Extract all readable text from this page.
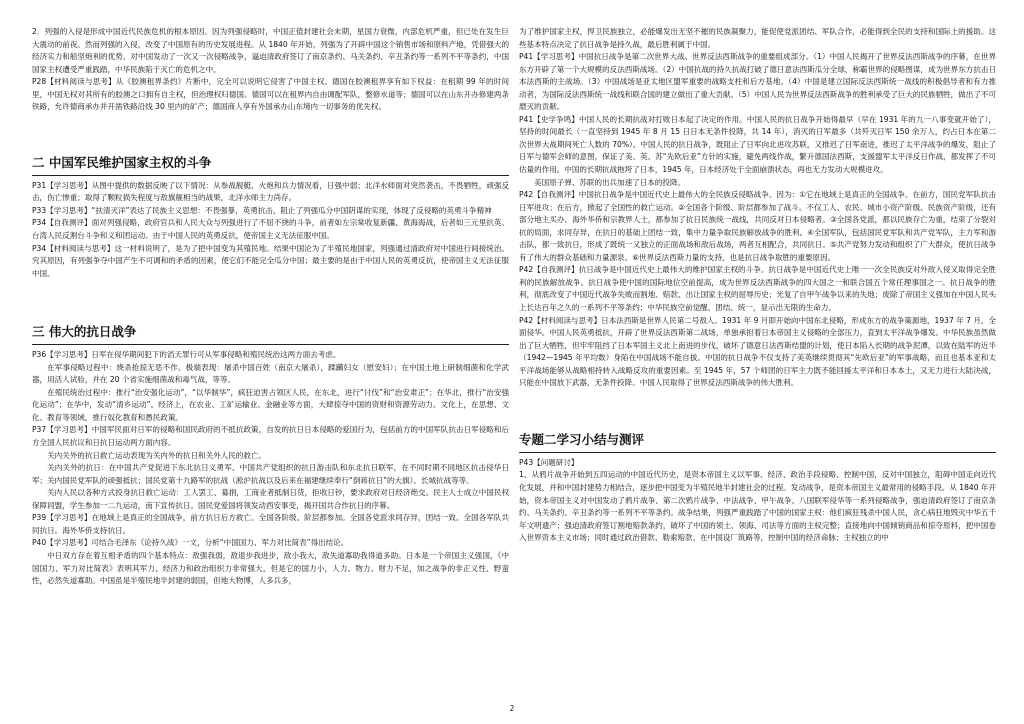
2．列强的入侵是形成中国近代民族危机的根本原因。因为列强侵略时，中国正值封建社会末期，星国力衰微，内部危机严重，但已处在发生巨大震动的前夜。然而列强的入侵，改变了中国原有的历史发展进程。从 1840 年开始，列强为了开辟中国这个销售市场和原料产地，凭借强大的经济实力和船坚炮利的优势，对中国发动了一次又一次侵略战争，逼迫清政府签订了南京条约、马关条约、辛丑条约等一系列不平等条约，中国国家主权遭受严重践踏，中华民族陷于灭亡的危机之中。

P28【材料阅读与思考】从《胶澳租界条约》片断中，完全可以说明它侵害了中国主权。德国在胶澳租界享有如下权益：在租期 99 年的时间里，中国无权对其所有的胶澳之口拥有自主权，但治理权归德国。德国可以在租界内自由调配军队，整修水道等；德国可以在山东开办修建两条铁路，允许德商承办并开凿铁路沿线 30 里内的矿产；德国商人享有外国承办山东境内一切事务的优先权。

二 中国军民维护国家主权的斗争

P31【学习思考】从图中提供的数据反映了以下情况：从参战舰艇、火炮和兵力情况看，日强中弱；北洋水师面对突然袭击，不畏牺牲，顽强反击，伤亡惨重；取得了颗粒损失程度与敌旗舰相当的战果，北洋水师主力尚存。

P33【学习思考】“扶清灭洋”表达了民族主义思想：不畏强暴，英勇抗击，阻止了列强瓜分中国阴谋的实现，体现了反侵略的英勇斗争精神

P34【自我测评】面对列强侵略，政府官兵和人民大众与列强进行了不屈不挠的斗争，前者如左宗棠收复新疆、黄海海战，后者如三元里抗英、台湾人民反割台斗争和义和团运动。由于中国人民的英勇反抗，使帝国主义无法征服中国。

P34【材料阅读与思考】这一材料说明了，是为了把中国变为其殖民地。结果中国沦为了半殖民地国家，列强通过清政府对中国进行间接统治。究其原因，有列强争夺中国产生不可调和的矛盾的因素，使它们不能完全瓜分中国；最主要的是由于中国人民的英勇反抗，使帝国主义无法征服中国。

三 伟大的抗日战争

P36【学习思考】日军在侵华期间犯下的滔天罪行可从军事侵略和殖民统治这两方面去考虑。

在军事侵略过程中：烧杀抢掠无恶不作。极端表现：屠杀中国百姓（南京大屠杀），蹂躏妇女（慰安妇）；在中国土地上研制细菌和化学武器，用活人试验，并在 20 个省实施细菌战和毒气战，等等。

在殖民统治过程中：推行“治安强化运动”，“以华制华”，疯狂迫害占领区人民，在东北，进行“讨伐”和“治安肃正”；在华北，推行“治安强化运动”；在华中，发动“清乡运动”。经济上，在农业、工矿运输业、金融业等方面，大肆掠夺中国的资财和资源劳动力。文化上，在思想、文化、教育等领域，推行奴化教育和愚民政策。

P37【学习思考】中国军民面对日军的侵略和国民政府的不抵抗政策，自发的抗日日本侵略的爱国行为，包括前方的中国军队抗击日军侵略和后方全国人民抗议和日抗日运动两方面内容。

关内关外的抗日救亡运动表现为关内外的抗日和关外人民的救亡。

关内关外的抗日：在中国共产党促进下东北抗日义勇军、中国共产党组织的抗日游击队和东北抗日联军，在不同时期不同地区抗击侵华日军；关内国民党军队的顽强抵抗；国民党第十九路军的抗战（淞沪抗战以及后来在福建继续奉行“倒蒋抗日”的大旗）、长城抗战等等。

关内人民以各种方式投身抗日救亡运动：工人罢工、募捐，工商业者抵制日货，拒收日钞，要求政府对日经济绝交。民主人士成立中国民权保障同盟，学生参加一二九运动，南下宣传抗日。国民党爱国将领发动西安事变，揭开国共合作抗日的序幕。

P39【学习思考】在地域上是真正的全国战争，前方抗日后方救亡。全国各阶级、阶层都参加。全国各党派求同存异，团结一致。全国各军队共同抗日。海外华侨支持抗日。

P40【学习思考】可结合毛泽东《论持久战》一文，分析“中国国力、军力对比简表”得出结论。

中日双方存在着互相矛盾的四个基本特点：敌强我弱，敌退步我进步，敌小我大，敌失道寡助我得道多助。日本是一个帝国主义强国，《中国国力、军力对比简表》表明其军力、经济力和政治组织力非常强大，但是它的国力小，人力、物力、财力不足，加之战争的非正义性、野蛮性，必然失道寡助。中国虽是半殖民地半封建的弱国，但地大物博，人多兵多，

为了维护国家主权，捍卫民族独立，必能爆发出无坚不摧的民族凝聚力，能促使党派团结、军队合作，必能得到全民的支持和国际上的援助。这些基本特点决定了抗日战争是持久战，最后胜利属于中国。

P41【学习思考】中国抗日战争是第二次世界大战、世界反法西斯战争的重要组成部分。（1）中国人民揭开了世界反法西斯战争的序幕，在世界东方开辟了第一个大规模的反法西斯战场。（2）中国抗战的持久抗战打破了德日意法西斯瓜分全球，称霸世界的侵略图谋，成为世界东方抗击日本法西斯的主战场。（3）中国战场是亚太地区盟军重要的战略支柱和后方基地。（4）中国是建立国际反法西斯统一战线的积极倡导者和有力推动者，为国际反法西斯统一战线和联合国的建立做出了重大贡献。（5）中国人民为世界反法西斯战争的胜利承受了巨大的民族牺牲，做出了不可磨灭的贡献。

P41【史学争鸣】中国人民的长期抗战对打败日本起了决定的作用。中国人民的抗日战争开始得最早（早在 1931 年的九一八事变就开始了），坚持的时间最长（一直坚持到 1945 年 8 月 15 日日本无条件投降，共 14 年），消灭的日军最多（共歼灭日军 150 余万人，约占日本在第二次世界大战期间死亡人数的 70%）。中国人民的抗日战争，既阻止了日军向北进攻苏联，又推迟了日军南进，推迟了太平洋战争的爆发，阻止了日军与德军会师的意图，保证了美、英、苏“先欧后亚”方针的实施，避免两线作战，繁升德国法西斯，支援盟军太平洋反日作战，都发挥了不可估量的作用。中国的长期抗战拖垮了日本，1945 年，日本经济处于全面崩溃状态，再也无力发动大规模进攻。

美国原子弹、苏联的出兵加速了日本的投降。

P42【自我测评】中国抗日战争是中国近代史上最伟大的全民族反侵略战争。因为：①它在地域上是真正的全国战争。在前方，国民党军队抗击日军进攻；在后方，掀起了全国性的救亡运动。②全国各个阶级、阶层都参加了战斗。不仅工人、农民、城市小资产阶级、民族资产阶级，还有部分地主买办、海外华侨和宗教界人士，都参加了抗日民族统一战线，共同反对日本侵略者。③全国各党派，都以民族存亡为重，结束了分裂对抗的局面，求同存异，在抗日的基础上团结一致，集中力量争取民族解放战争的胜利。④全国军队，包括国民党军队和共产党军队，主力军和游击队，都一致抗日，形成了既统一又独立的正面战场和敌后战场，两者互相配合，共同抗日。⑤共产党努力发动和组织了广大群众，使抗日战争有了伟大的群众基础和力量源泉。⑥世界反法西斯力量的支持，也是抗日战争取胜的重要原因。

P42【自我测评】抗日战争是中国近代史上最伟大的维护国家主权的斗争。抗日战争是中国近代史上唯一一次全民族反对外敌入侵又取得完全胜利的民族解放战争。抗日战争使中国的国际地位空前提高，成为世界反法西斯战争的四大国之一和联合国五个常任理事国之一。抗日战争的胜利，彻底改变了中国近代战争失败而割地、赔款、出让国家主权的屈辱历史；光复了自甲午战争以来的失地；废除了帝国主义强加在中国人民头上长达百年之久的一系列不平等条约；中华民族空前觉醒、团结、统一，显示出无限的生命力。

P42【材料阅读与思考】日本法西斯是世界人民第二号敌人。1931 年 9 月即开始向中国东北侵略，形成东方的战争策源地，1937 年 7 月，全面侵华。中国人民英勇抵抗，开辟了世界反法西斯第二战场，单独承担着日本帝国主义侵略的全部压力，直到太平洋战争爆发。中华民族虽然做出了巨大牺牲，但牢牢阻挡了日本军国主义北上南进的步伐，破坏了德意日法西斯结盟的计划，使日本陷入长期的战争泥潭，以致在陆军的近半（1942—1945 年平均数）身陷在中国战场不能自拔。中国的抗日战争不仅支持了美英继续贯彻其“先欧后亚”的军事战略，而且也基本亚和太平洋战场能够从战略相持转入战略反攻的重要因素。至 1945 年，57 个师团的日军主力既不能回援太平洋和日本本土，又无力进行大陆决战，只能在中国放下武器，无条件投降。中国人民取得了世界反法西斯战争的伟大胜利。

专题二学习小结与测评

P43【问题研讨】

1、从鸦片战争开始到五四运动的中国近代历史，是资本帝国主义以军事、经济、政治手段侵略、控制中国，反对中国独立，阻碍中国走向近代化发展，并和中国封建势力相结合，逐步把中国变为半殖民地半封建社会的过程。发动战争，是资本帝国主义最常用的侵略手段。从 1840 年开始，资本帝国主义对中国发动了鸦片战争、第二次鸦片战争、中法战争、甲午战争、八国联军侵华等一系列侵略战争，强迫清政府签订了南京条约、马关条约、辛丑条约等一系列不平等条约。战争结果，列强严重践踏了中国的国家主权：他们疯狂残杀中国人民，贪心病狂地毁灭中华五千年文明遗产；强迫清政府签订割地赔款条约，破坏了中国的领土、领海、司法等方面的主权完整；直接地向中国倾销商品和掠夺原料，把中国卷入世界资本主义市场；同时通过政治借款、勒索赔款、在中国设厂筑路等，控制中国的经济命脉；主权独立的中

2
